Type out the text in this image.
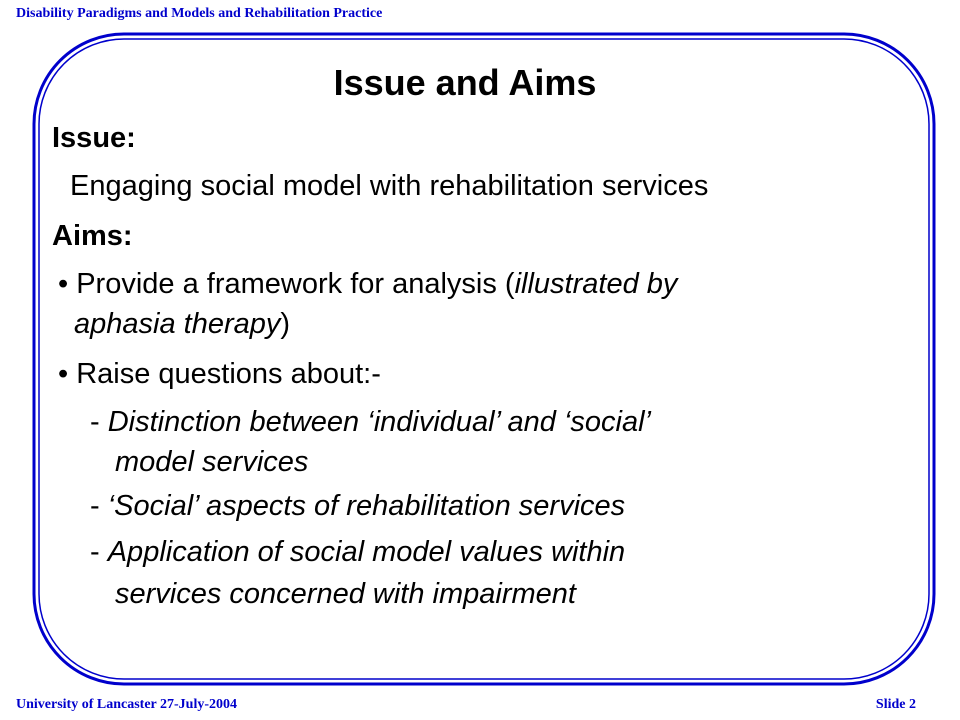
Disability Paradigms and Models and Rehabilitation Practice
Issue and Aims
Issue:
Engaging social model with rehabilitation services
Aims:
• Provide a framework for analysis (illustrated by
aphasia therapy)
• Raise questions about:-
- Distinction between ‘individual’ and ‘social’
model services
- ‘Social’ aspects of rehabilitation services
- Application of social model values within
services concerned with impairment
University of Lancaster 27-July-2004	Slide 2
